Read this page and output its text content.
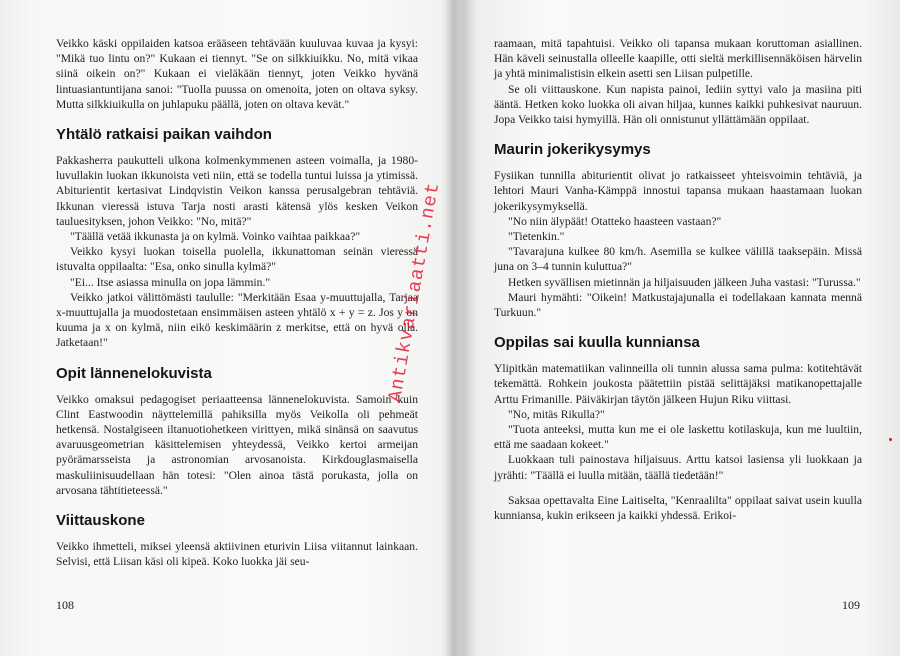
Veikko käski oppilaiden katsoa erääseen tehtävään kuuluvaa kuvaa ja kysyi: "Mikä tuo lintu on?" Kukaan ei tiennyt. "Se on silkkiuikku. No, mitä vikaa siinä oikein on?" Kukaan ei vieläkään tiennyt, joten Veikko hyvänä lintuasiantuntijana sanoi: "Tuolla puussa on omenoita, joten on oltava syksy. Mutta silkkiuikulla on juhlapuku päällä, joten on oltava kevät."

Yhtälö ratkaisi paikan vaihdon

Pakkasherra paukutteli ulkona kolmenkymmenen asteen voimalla, ja 1980-luvullakin luokan ikkunoista veti niin, että se todella tuntui luissa ja ytimissä. Abiturientit kertasivat Lindqvistin Veikon kanssa perusalgebran tehtäviä. Ikkunan vieressä istuva Tarja nosti arasti kätensä ylös kesken Veikon tauluesityksen, johon Veikko: "No, mitä?"

"Täällä vetää ikkunasta ja on kylmä. Voinko vaihtaa paikkaa?"

Veikko kysyi luokan toisella puolella, ikkunattoman seinän vieressä istuvalta oppilaalta: "Esa, onko sinulla kylmä?"

"Ei... Itse asiassa minulla on jopa lämmin."

Veikko jatkoi välittömästi taululle: "Merkitään Esaa y-muuttujalla, Tarjaa x-muuttujalla ja muodostetaan ensimmäisen asteen yhtälö x + y = z. Jos y on kuuma ja x on kylmä, niin eikö keskimäärin z merkitse, että on hyvä olla. Jatketaan!"

Opit lännenelokuvista

Veikko omaksui pedagogiset periaatteensa lännenelokuvista. Samoin kuin Clint Eastwoodin näyttelemillä pahiksilla myös Veikolla oli pehmeät hetkensä. Nostalgiseen iltanuotiohetkeen virittyen, mikä sinänsä on saavutus avaruusgeometrian käsittelemisen yhteydessä, Veikko kertoi armeijan pyörämarsseista ja astronomian arvosanoista. Kirkdouglasmaisella maskuliinisuudellaan hän totesi: "Olen ainoa tästä porukasta, jolla on arvosana tähtitieteessä."

Viittauskone

Veikko ihmetteli, miksei yleensä aktiivinen eturivin Liisa viitannut lainkaan. Selvisi, että Liisan käsi oli kipeä. Koko luokka jäi seu-

108

raamaan, mitä tapahtuisi. Veikko oli tapansa mukaan koruttoman asiallinen. Hän käveli seinustalla olleelle kaapille, otti sieltä merkillisennäköisen härvelin ja yhtä minimalistisin elkein asetti sen Liisan pulpetille.

Se oli viittauskone. Kun napista painoi, lediin syttyi valo ja masiina piti ääntä. Hetken koko luokka oli aivan hiljaa, kunnes kaikki puhkesivat nauruun. Jopa Veikko taisi hymyillä. Hän oli onnistunut yllättämään oppilaat.

Maurin jokerikysymys

Fysiikan tunnilla abiturientit olivat jo ratkaisseet yhteisvoimin tehtäviä, ja lehtori Mauri Vanha-Kämppä innostui tapansa mukaan haastamaan luokan jokerikysymyksellä.

"No niin älypäät! Otatteko haasteen vastaan?"

"Tietenkin."

"Tavarajuna kulkee 80 km/h. Asemilla se kulkee välillä taaksepäin. Missä juna on 3–4 tunnin kuluttua?"

Hetken syvällisen mietinnän ja hiljaisuuden jälkeen Juha vastasi: "Turussa."

Mauri hymähti: "Oikein! Matkustajajunalla ei todellakaan kannata mennä Turkuun."

Oppilas sai kuulla kunniansa

Ylipitkän matematiikan valinneilla oli tunnin alussa sama pulma: kotitehtävät tekemättä. Rohkein joukosta päätettiin pistää selittäjäksi matikanopettajalle Arttu Frimanille. Päiväkirjan täytön jälkeen Hujun Riku viittasi.

"No, mitäs Rikulla?"

"Tuota anteeksi, mutta kun me ei ole laskettu kotilaskuja, kun me luultiin, että me saadaan kokeet."

Luokkaan tuli painostava hiljaisuus. Arttu katsoi lasiensa yli luokkaan ja jyrähti: "Täällä ei luulla mitään, täällä tiedetään!"

Saksaa opettavalta Eine Laitiselta, "Kenraalilta" oppilaat saivat usein kuulla kunniansa, kukin erikseen ja kaikki yhdessä. Erikoi-

109
Antikvariaatti.net
